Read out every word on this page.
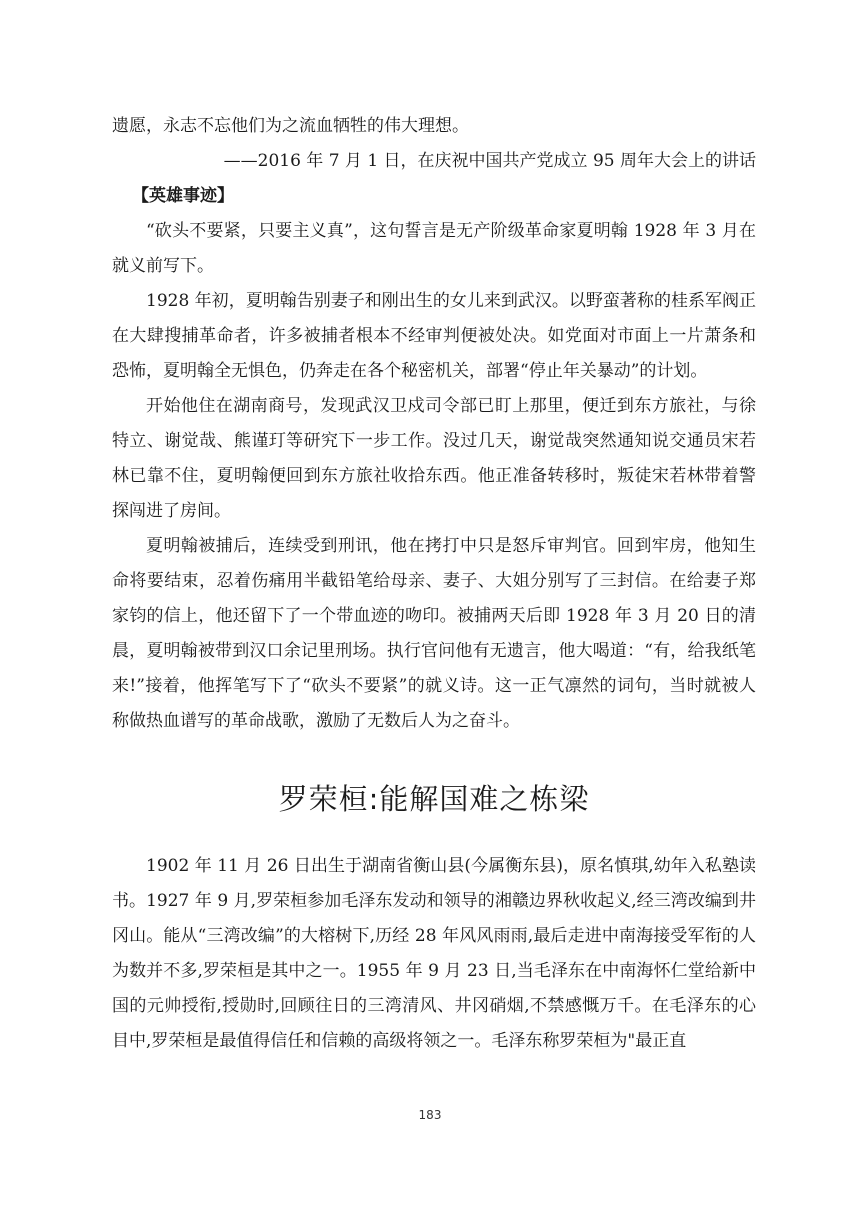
遗愿，永志不忘他们为之流血牺牲的伟大理想。

——2016 年 7 月 1 日，在庆祝中国共产党成立 95 周年大会上的讲话

【英雄事迹】

“砍头不要紧，只要主义真”，这句誓言是无产阶级革命家夏明翰 1928 年 3 月在就义前写下。

1928 年初，夏明翰告别妻子和刚出生的女儿来到武汉。以野蛮著称的桂系军阀正在大肆搜捕革命者，许多被捕者根本不经审判便被处决。如党面对市面上一片萧条和恐怖，夏明翰全无惧色，仍奔走在各个秘密机关，部署“停止年关暴动”的计划。

开始他住在湖南商号，发现武汉卫戍司令部已盯上那里，便迁到东方旅社，与徐特立、谢觉哉、熊谨玎等研究下一步工作。没过几天，谢觉哉突然通知说交通员宋若林已靠不住，夏明翰便回到东方旅社收拾东西。他正准备转移时，叛徒宋若林带着警探闯进了房间。

夏明翰被捕后，连续受到刑讯，他在拷打中只是怒斥审判官。回到牢房，他知生命将要结束，忍着伤痛用半截铅笔给母亲、妻子、大姐分别写了三封信。在给妻子郑家钧的信上，他还留下了一个带血迹的吻印。被捕两天后即 1928 年 3 月 20 日的清晨，夏明翰被带到汉口余记里刑场。执行官问他有无遗言，他大喝道：“有，给我纸笔来!”接着，他挥笔写下了“砍头不要紧”的就义诗。这一正气凛然的词句，当时就被人称做热血谱写的革命战歌，激励了无数后人为之奋斗。

罗荣桓:能解国难之栋梁

1902 年 11 月 26 日出生于湖南省衡山县(今属衡东县)，原名慎琪,幼年入私塾读书。1927 年 9 月,罗荣桓参加毛泽东发动和领导的湘赣边界秋收起义,经三湾改编到井冈山。能从“三湾改编”的大榕树下,历经 28 年风风雨雨,最后走进中南海接受军衔的人为数并不多,罗荣桓是其中之一。1955 年 9 月 23 日,当毛泽东在中南海怀仁堂给新中国的元帅授衔,授勋时,回顾往日的三湾清风、井冈硝烟,不禁感慨万千。在毛泽东的心目中,罗荣桓是最值得信任和信赖的高级将领之一。毛泽东称罗荣桓为"最正直

183
